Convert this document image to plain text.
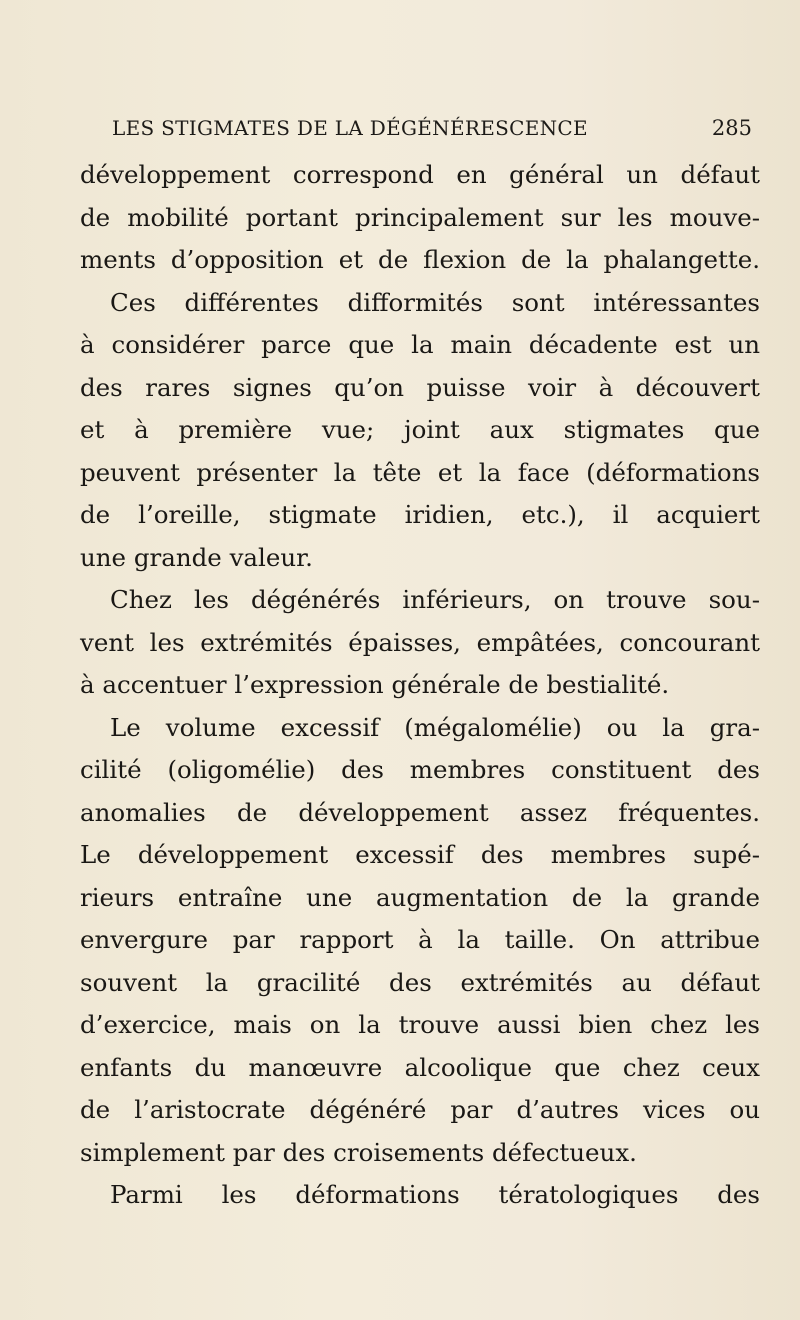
LES STIGMATES DE LA DÉGÉNÉRESCENCE	285
développement correspond en général un défaut
de mobilité portant principalement sur les mouve-
ments d’opposition et de flexion de la phalangette.
Ces différentes difformités sont intéressantes
à considérer parce que la main décadente est un
des rares signes qu’on puisse voir à découvert
et à première vue; joint aux stigmates que
peuvent présenter la tête et la face (déformations
de l’oreille, stigmate iridien, etc.), il acquiert
une grande valeur.
Chez les dégénérés inférieurs, on trouve sou-
vent les extrémités épaisses, empâtées, concourant
à accentuer l’expression générale de bestialité.
Le volume excessif (mégalomélie) ou la gra-
cilité (oligomélie) des membres constituent des
anomalies de développement assez fréquentes.
Le développement excessif des membres supé-
rieurs entraîne une augmentation de la grande
envergure par rapport à la taille. On attribue
souvent la gracilité des extrémités au défaut
d’exercice, mais on la trouve aussi bien chez les
enfants du manœuvre alcoolique que chez ceux
de l’aristocrate dégénéré par d’autres vices ou
simplement par des croisements défectueux.
Parmi les déformations tératologiques des
